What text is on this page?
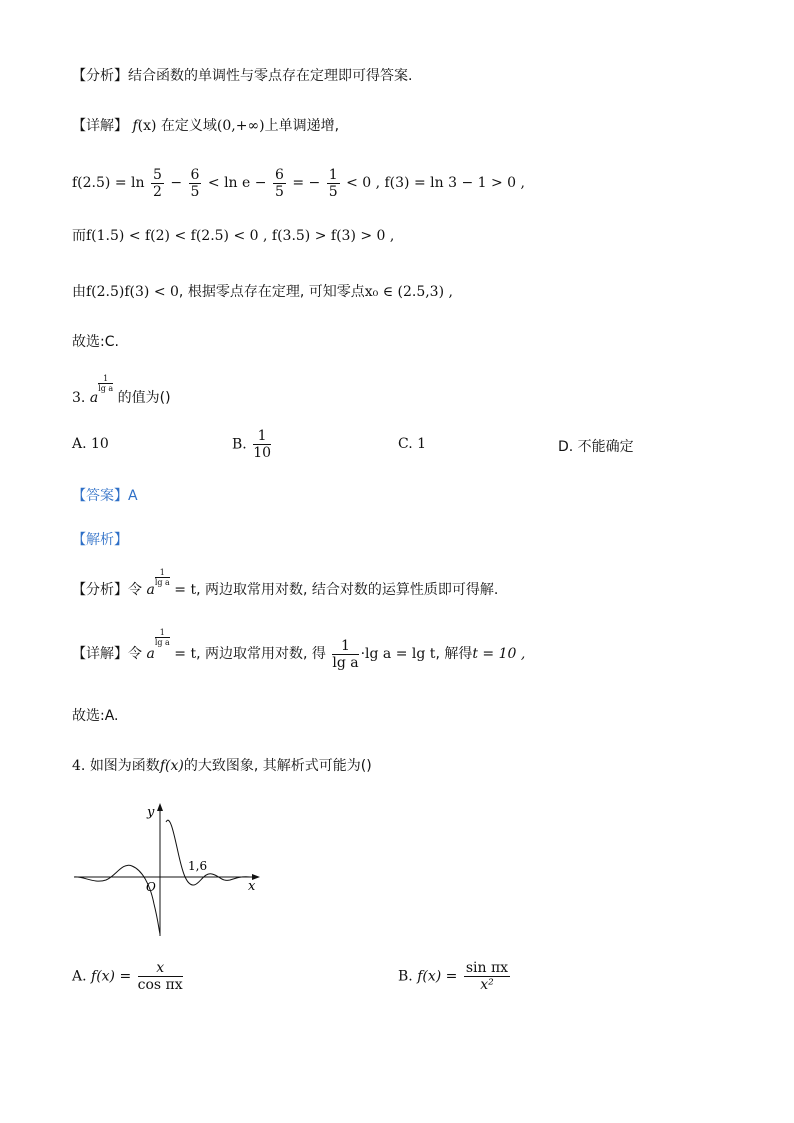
【分析】结合函数的单调性与零点存在定理即可得答案.
【详解】 f(x) 在定义域(0,+∞)上单调递增,
$f(2.5) = \ln \frac{5}{2} - \frac{6}{5} < \ln e - \frac{6}{5}$ = − $\frac{1}{5} < 0$ , f(3) = ln 3 − 1 > 0 ,
而f(1.5) < f(2) < f(2.5) < 0 , f(3.5) > f(3) > 0 ,
由f(2.5)f(3) < 0, 根据零点存在定理, 可知零点x₀ ∈ (2.5,3) ,
故选:C.
3. a
$\frac{1}{\text{lg a}}$ 的值为()
A. 10	B. $\frac{1}{10}$	C. 1	D. 不能确定
【答案】A
【解析】
【分析】令 a
$\frac{1}{\text{lg a}} = t$, 两边取常用对数, 结合对数的运算性质即可得解.
【详解】令 a
$\frac{1}{\text{lg a}} = t$, 两边取常用对数, 得 $\frac{1}{\text{lg a}} \cdot\lg$ a = lg t, 解得t = 10 ,
故选:A.
4. 如图为函数f(x)的大致图象, 其解析式可能为()
y
x
O
1,6
A. $f(x) = \frac{x}{\text{cos πx}}$	B. $f(x) = \frac{\text{sin πx}}{\text{x²}}$
